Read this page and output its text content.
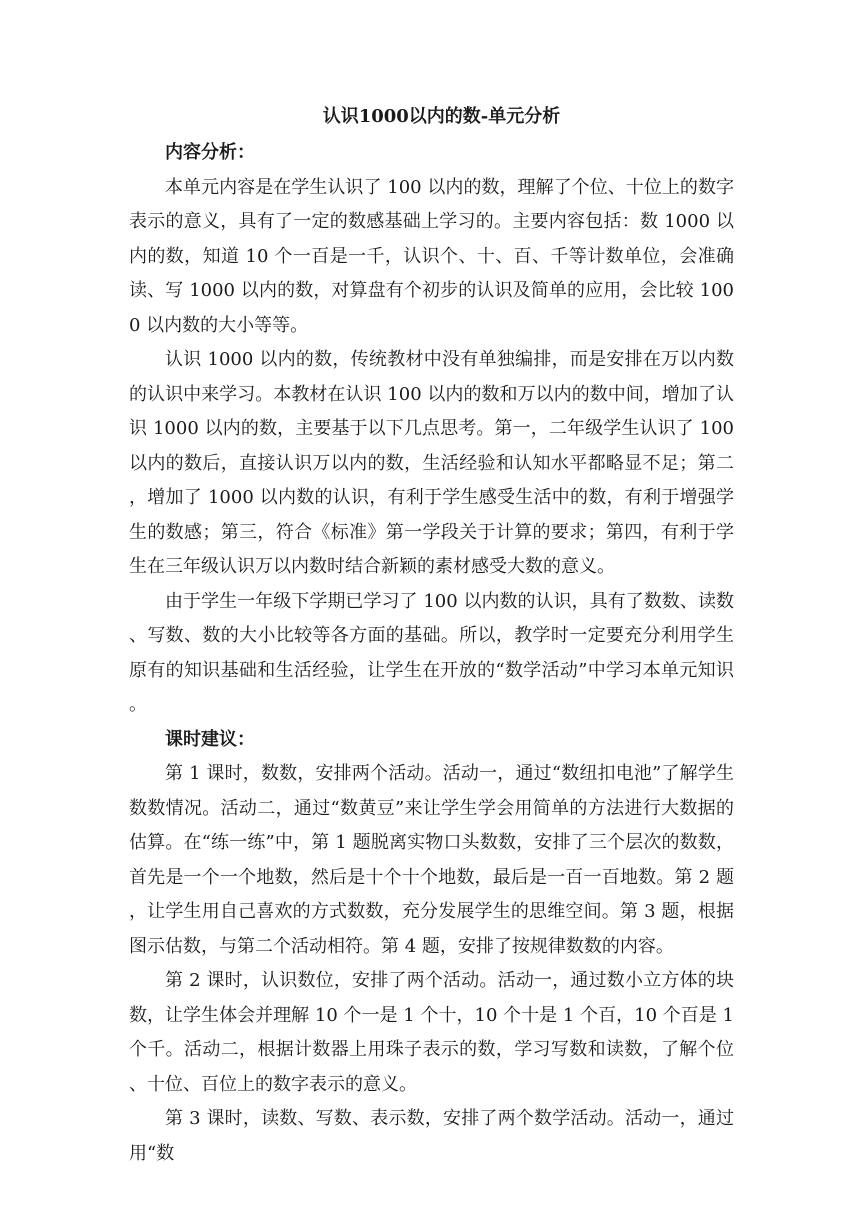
认识1000以内的数-单元分析

内容分析：

本单元内容是在学生认识了 100 以内的数，理解了个位、十位上的数字表示的意义，具有了一定的数感基础上学习的。主要内容包括：数 1000 以内的数，知道 10 个一百是一千，认识个、十、百、千等计数单位，会准确读、写 1000 以内的数，对算盘有个初步的认识及简单的应用，会比较 1000 以内数的大小等等。

认识 1000 以内的数，传统教材中没有单独编排，而是安排在万以内数的认识中来学习。本教材在认识 100 以内的数和万以内的数中间，增加了认识 1000 以内的数，主要基于以下几点思考。第一，二年级学生认识了 100 以内的数后，直接认识万以内的数，生活经验和认知水平都略显不足；第二，增加了 1000 以内数的认识，有利于学生感受生活中的数，有利于增强学生的数感；第三，符合《标准》第一学段关于计算的要求；第四，有利于学生在三年级认识万以内数时结合新颖的素材感受大数的意义。

由于学生一年级下学期已学习了 100 以内数的认识，具有了数数、读数、写数、数的大小比较等各方面的基础。所以，教学时一定要充分利用学生原有的知识基础和生活经验，让学生在开放的“数学活动”中学习本单元知识。

课时建议：

第 1 课时，数数，安排两个活动。活动一，通过“数纽扣电池”了解学生数数情况。活动二，通过“数黄豆”来让学生学会用简单的方法进行大数据的估算。在“练一练”中，第 1 题脱离实物口头数数，安排了三个层次的数数，首先是一个一个地数，然后是十个十个地数，最后是一百一百地数。第 2 题，让学生用自己喜欢的方式数数，充分发展学生的思维空间。第 3 题，根据图示估数，与第二个活动相符。第 4 题，安排了按规律数数的内容。

第 2 课时，认识数位，安排了两个活动。活动一，通过数小立方体的块数，让学生体会并理解 10 个一是 1 个十，10 个十是 1 个百，10 个百是 1 个千。活动二，根据计数器上用珠子表示的数，学习写数和读数，了解个位、十位、百位上的数字表示的意义。

第 3 课时，读数、写数、表示数，安排了两个数学活动。活动一，通过用“数
